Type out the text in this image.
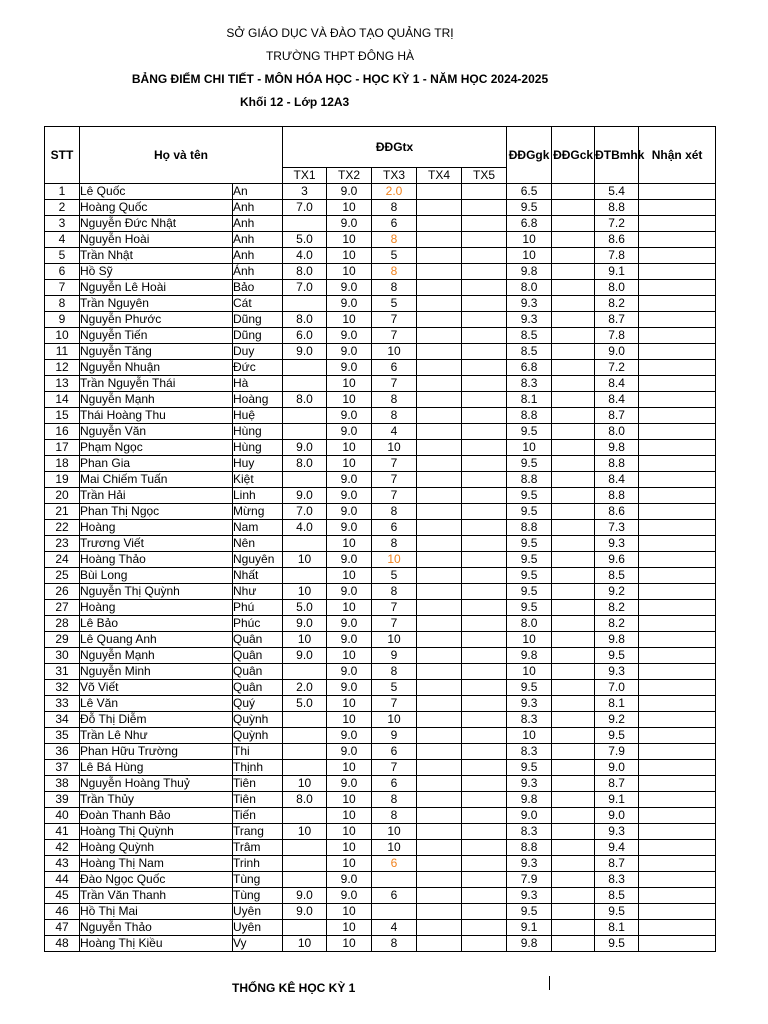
SỞ GIÁO DỤC VÀ ĐÀO TẠO QUẢNG TRỊ
TRƯỜNG THPT ĐÔNG HÀ
BẢNG ĐIỂM CHI TIẾT - MÔN HÓA HỌC - HỌC KỲ 1 - NĂM HỌC 2024-2025
Khối 12 - Lớp 12A3
STT	Họ và tên		ĐĐGtx					ĐĐGgk	ĐĐGck	ĐTBmhk	Nhận xét
			TX1	TX2	TX3	TX4	TX5				
1	Lê Quốc	An	3	9.0	2.0			6.5		5.4	
2	Hoàng Quốc	Anh	7.0	10	8			9.5		8.8	
3	Nguyễn Đức Nhật	Anh		9.0	6			6.8		7.2	
4	Nguyễn Hoài	Anh	5.0	10	8			10		8.6	
5	Trần Nhật	Anh	4.0	10	5			10		7.8	
6	Hồ Sỹ	Ánh	8.0	10	8			9.8		9.1	
7	Nguyễn Lê Hoài	Bảo	7.0	9.0	8			8.0		8.0	
8	Trần Nguyên	Cát		9.0	5			9.3		8.2	
9	Nguyễn Phước	Dũng	8.0	10	7			9.3		8.7	
10	Nguyễn Tiến	Dũng	6.0	9.0	7			8.5		7.8	
11	Nguyễn Tăng	Duy	9.0	9.0	10			8.5		9.0	
12	Nguyễn Nhuận	Đức		9.0	6			6.8		7.2	
13	Trần Nguyễn Thái	Hà		10	7			8.3		8.4	
14	Nguyễn Mạnh	Hoàng	8.0	10	8			8.1		8.4	
15	Thái Hoàng Thu	Huệ		9.0	8			8.8		8.7	
16	Nguyễn Văn	Hùng		9.0	4			9.5		8.0	
17	Phạm Ngọc	Hùng	9.0	10	10			10		9.8	
18	Phan Gia	Huy	8.0	10	7			9.5		8.8	
19	Mai Chiếm Tuấn	Kiệt		9.0	7			8.8		8.4	
20	Trần Hải	Linh	9.0	9.0	7			9.5		8.8	
21	Phan Thị Ngọc	Mừng	7.0	9.0	8			9.5		8.6	
22	Hoàng	Nam	4.0	9.0	6			8.8		7.3	
23	Trương Viết	Nên		10	8			9.5		9.3	
24	Hoàng Thảo	Nguyên	10	9.0	10			9.5		9.6	
25	Bùi Long	Nhất		10	5			9.5		8.5	
26	Nguyễn Thị Quỳnh	Như	10	9.0	8			9.5		9.2	
27	Hoàng	Phú	5.0	10	7			9.5		8.2	
28	Lê Bảo	Phúc	9.0	9.0	7			8.0		8.2	
29	Lê Quang Anh	Quân	10	9.0	10			10		9.8	
30	Nguyễn Mạnh	Quân	9.0	10	9			9.8		9.5	
31	Nguyễn Minh	Quân		9.0	8			10		9.3	
32	Võ Viết	Quân	2.0	9.0	5			9.5		7.0	
33	Lê Văn	Quý	5.0	10	7			9.3		8.1	
34	Đỗ Thị Diễm	Quỳnh		10	10			8.3		9.2	
35	Trần Lê Như	Quỳnh		9.0	9			10		9.5	
36	Phan Hữu Trường	Thi		9.0	6			8.3		7.9	
37	Lê Bá Hùng	Thịnh		10	7			9.5		9.0	
38	Nguyễn Hoàng Thuỷ	Tiên	10	9.0	6			9.3		8.7	
39	Trần Thủy	Tiên	8.0	10	8			9.8		9.1	
40	Đoàn Thanh Bảo	Tiến		10	8			9.0		9.0	
41	Hoàng Thị Quỳnh	Trang	10	10	10			8.3		9.3	
42	Hoàng Quỳnh	Trâm		10	10			8.8		9.4	
43	Hoàng Thị Nam	Trinh		10	6			9.3		8.7	
44	Đào Ngọc Quốc	Tùng		9.0				7.9		8.3	
45	Trần Văn Thanh	Tùng	9.0	9.0	6			9.3		8.5	
46	Hồ Thị Mai	Uyên	9.0	10				9.5		9.5	
47	Nguyễn Thảo	Uyên		10	4			9.1		8.1	
48	Hoàng Thị Kiều	Vy	10	10	8			9.8		9.5	
THỐNG KÊ HỌC KỲ 1
